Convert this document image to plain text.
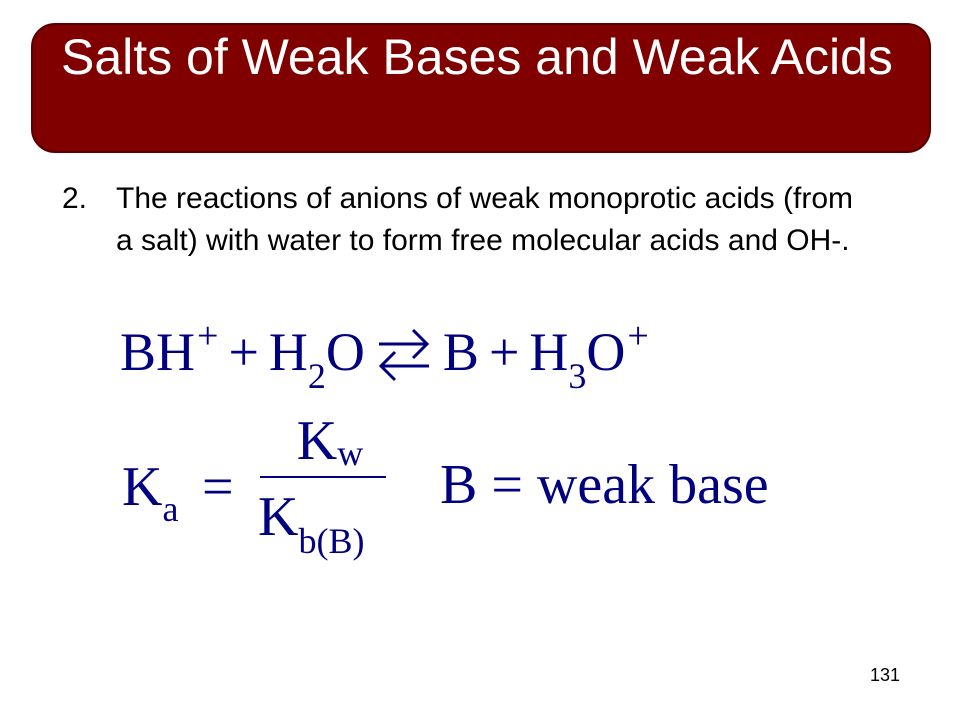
Salts of Weak Bases and Weak Acids
2. The reactions of anions of weak monoprotic acids (from a salt) with water to form free molecular acids and OH-.
BH+ + H2O ⇌ B + H3O+
$K_a$ =
Kw
$K_{b(B)}$
B = weak base
131
